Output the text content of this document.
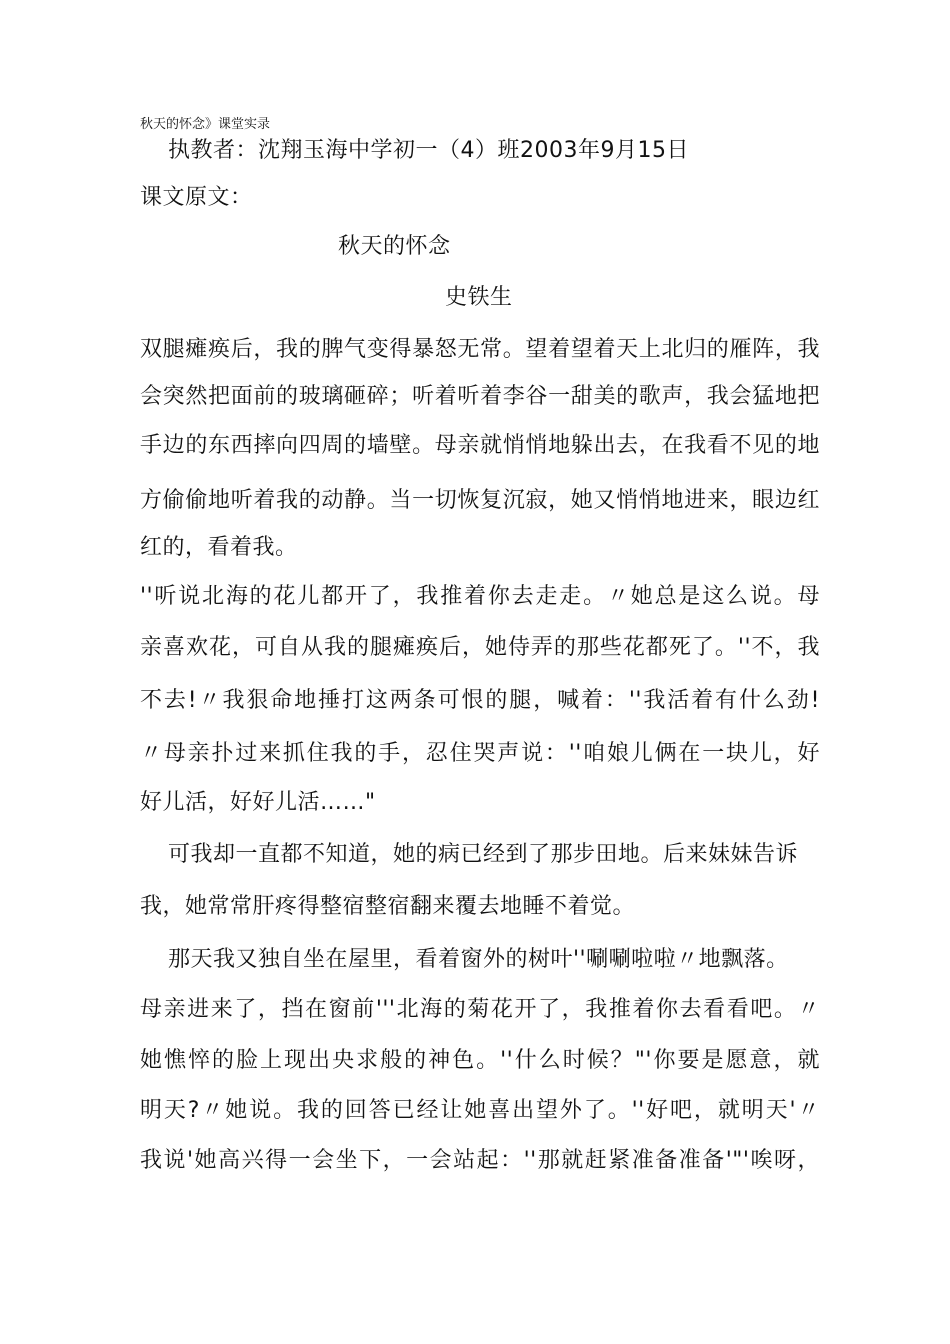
秋天的怀念》课堂实录
执教者：沈翔玉海中学初一（4）班2003年9月15日
课文原文：
秋天的怀念
史铁生
双腿瘫痪后，我的脾气变得暴怒无常。望着望着天上北归的雁阵，我
会突然把面前的玻璃砸碎；听着听着李谷一甜美的歌声，我会猛地把
手边的东西摔向四周的墙壁。母亲就悄悄地躲出去，在我看不见的地
方偷偷地听着我的动静。当一切恢复沉寂，她又悄悄地进来，眼边红
红的，看着我。
''听说北海的花儿都开了，我推着你去走走。〃她总是这么说。母
亲喜欢花，可自从我的腿瘫痪后，她侍弄的那些花都死了。''不，我
不去!〃我狠命地捶打这两条可恨的腿，喊着：''我活着有什么劲!
〃母亲扑过来抓住我的手，忍住哭声说：''咱娘儿俩在一块儿，好
好儿活，好好儿活……"
可我却一直都不知道，她的病已经到了那步田地。后来妹妹告诉
我，她常常肝疼得整宿整宿翻来覆去地睡不着觉。
那天我又独自坐在屋里，看着窗外的树叶''唰唰啦啦〃地飘落。
母亲进来了，挡在窗前'''北海的菊花开了，我推着你去看看吧。〃
她憔悴的脸上现出央求般的神色。''什么时候？"'你要是愿意，就
明天?〃她说。我的回答已经让她喜出望外了。''好吧，就明天'〃
我说'她高兴得一会坐下，一会站起：''那就赶紧准备准备'"'唉呀，
